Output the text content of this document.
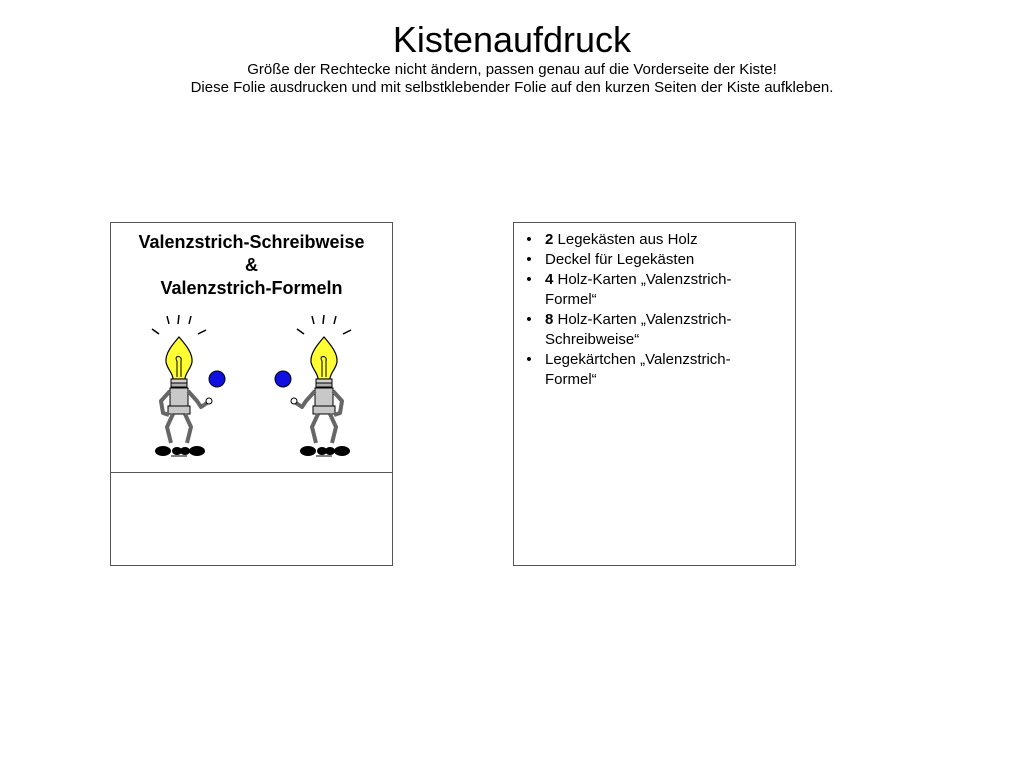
Kistenaufdruck
Größe der Rechtecke nicht ändern, passen genau auf die Vorderseite der Kiste!
Diese Folie ausdrucken und mit selbstklebender Folie auf den kurzen Seiten der Kiste aufkleben.
Valenzstrich-Schreibweise
&
Valenzstrich-Formeln
• 2 Legekästen aus Holz
• Deckel für Legekästen
• 4 Holz-Karten „Valenzstrich-
Formel“
• 8 Holz-Karten „Valenzstrich-
Schreibweise“
• Legekärtchen „Valenzstrich-
Formel“
